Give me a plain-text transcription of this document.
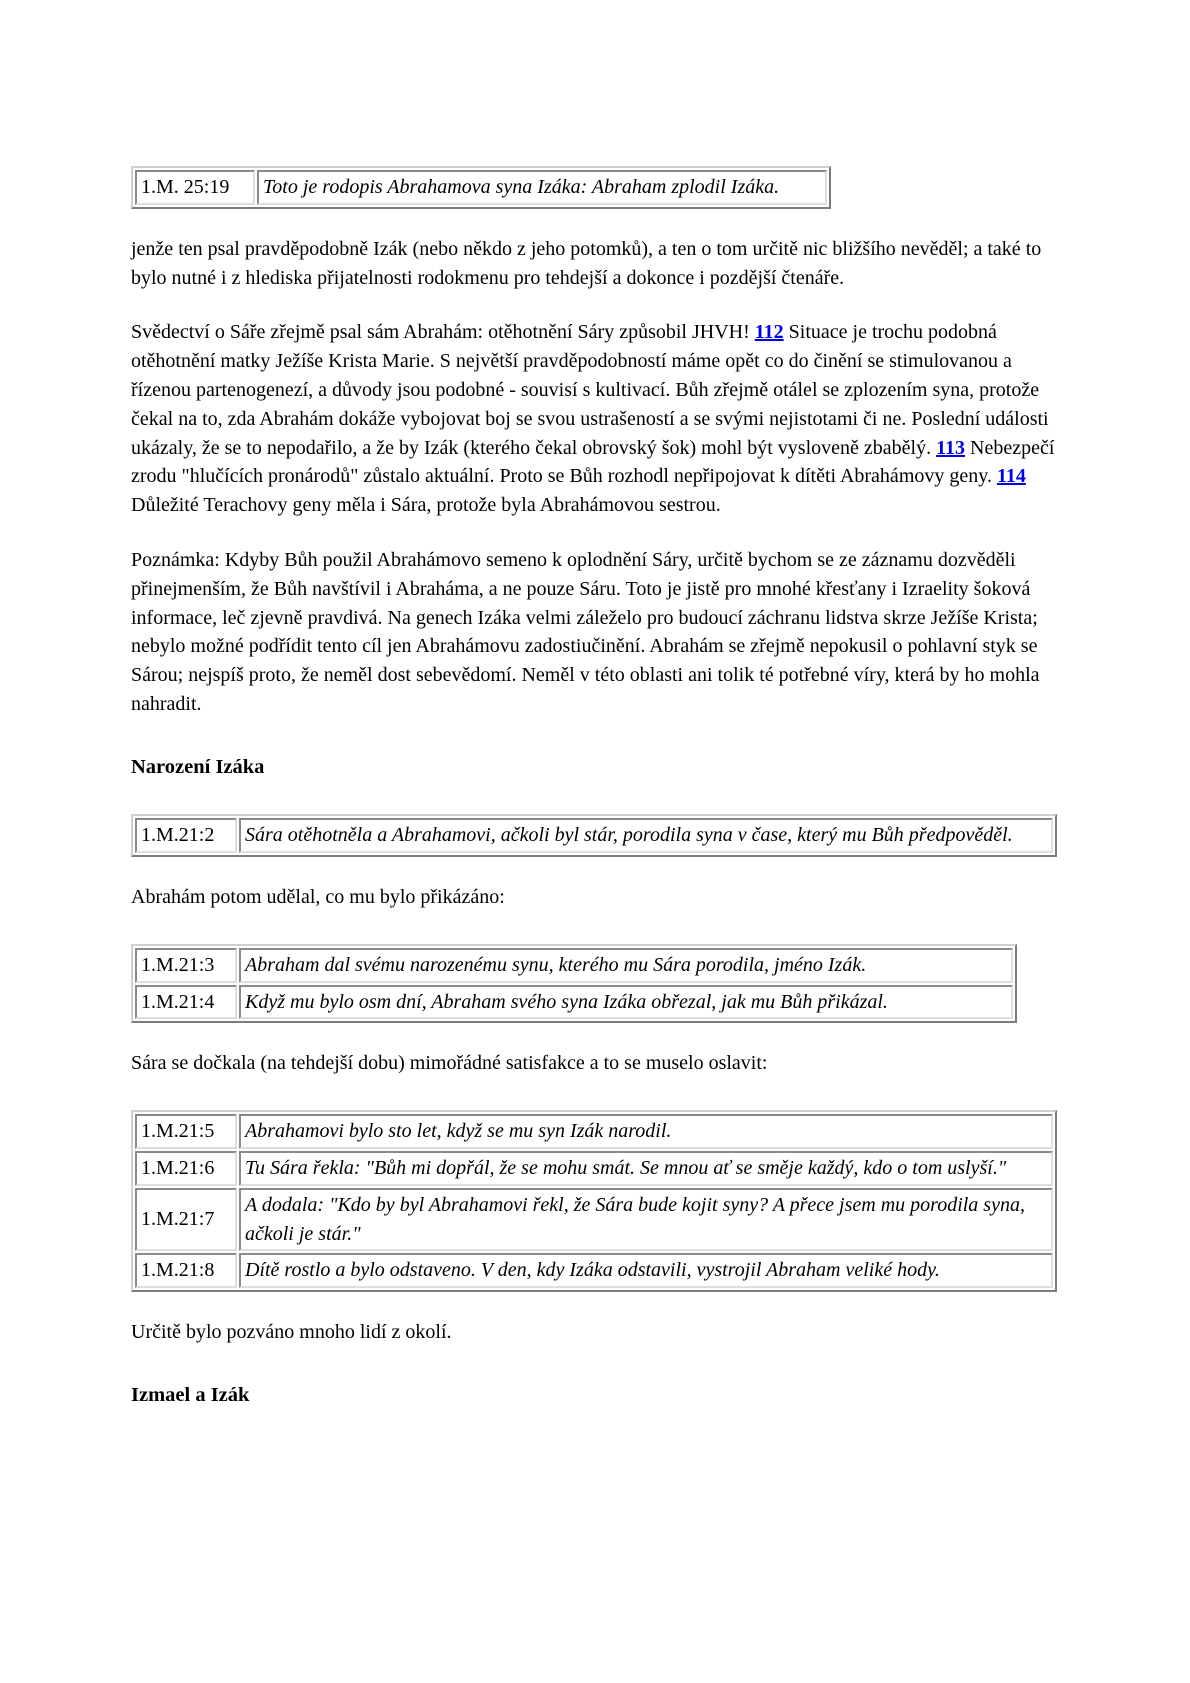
1.M. 25:19	Toto je rodopis Abrahamova syna Izáka: Abraham zplodil Izáka.

jenže ten psal pravděpodobně Izák (nebo někdo z jeho potomků), a ten o tom určitě nic bližšího nevěděl; a také to bylo nutné i z hlediska přijatelnosti rodokmenu pro tehdejší a dokonce i pozdější čtenáře.

Svědectví o Sáře zřejmě psal sám Abrahám: otěhotnění Sáry způsobil JHVH! 112 Situace je trochu podobná otěhotnění matky Ježíše Krista Marie. S největší pravděpodobností máme opět co do činění se stimulovanou a řízenou partenogenezí, a důvody jsou podobné - souvisí s kultivací. Bůh zřejmě otálel se zplozením syna, protože čekal na to, zda Abrahám dokáže vybojovat boj se svou ustrašeností a se svými nejistotami či ne. Poslední události ukázaly, že se to nepodařilo, a že by Izák (kterého čekal obrovský šok) mohl být vysloveně zbabělý. 113 Nebezpečí zrodu "hlučících pronárodů" zůstalo aktuální. Proto se Bůh rozhodl nepřipojovat k dítěti Abrahámovy geny. 114 Důležité Terachovy geny měla i Sára, protože byla Abrahámovou sestrou.

Poznámka: Kdyby Bůh použil Abrahámovo semeno k oplodnění Sáry, určitě bychom se ze záznamu dozvěděli přinejmenším, že Bůh navštívil i Abraháma, a ne pouze Sáru. Toto je jistě pro mnohé křesťany i Izraelity šoková informace, leč zjevně pravdivá. Na genech Izáka velmi záleželo pro budoucí záchranu lidstva skrze Ježíše Krista; nebylo možné podřídit tento cíl jen Abrahámovu zadostiučinění. Abrahám se zřejmě nepokusil o pohlavní styk se Sárou; nejspíš proto, že neměl dost sebevědomí. Neměl v této oblasti ani tolik té potřebné víry, která by ho mohla nahradit.

Narození Izáka
1.M.21:2	Sára otěhotněla a Abrahamovi, ačkoli byl stár, porodila syna v čase, který mu Bůh předpověděl.

Abrahám potom udělal, co mu bylo přikázáno:

1.M.21:3	Abraham dal svému narozenému synu, kterého mu Sára porodila, jméno Izák.
1.M.21:4	Když mu bylo osm dní, Abraham svého syna Izáka obřezal, jak mu Bůh přikázal.

Sára se dočkala (na tehdejší dobu) mimořádné satisfakce a to se muselo oslavit:

1.M.21:5	Abrahamovi bylo sto let, když se mu syn Izák narodil.
1.M.21:6	Tu Sára řekla: "Bůh mi dopřál, že se mohu smát. Se mnou ať se směje každý, kdo o tom uslyší."
1.M.21:7	A dodala: "Kdo by byl Abrahamovi řekl, že Sára bude kojit syny? A přece jsem mu porodila syna, ačkoli je stár."
1.M.21:8	Dítě rostlo a bylo odstaveno. V den, kdy Izáka odstavili, vystrojil Abraham veliké hody.

Určitě bylo pozváno mnoho lidí z okolí.

Izmael a Izák
